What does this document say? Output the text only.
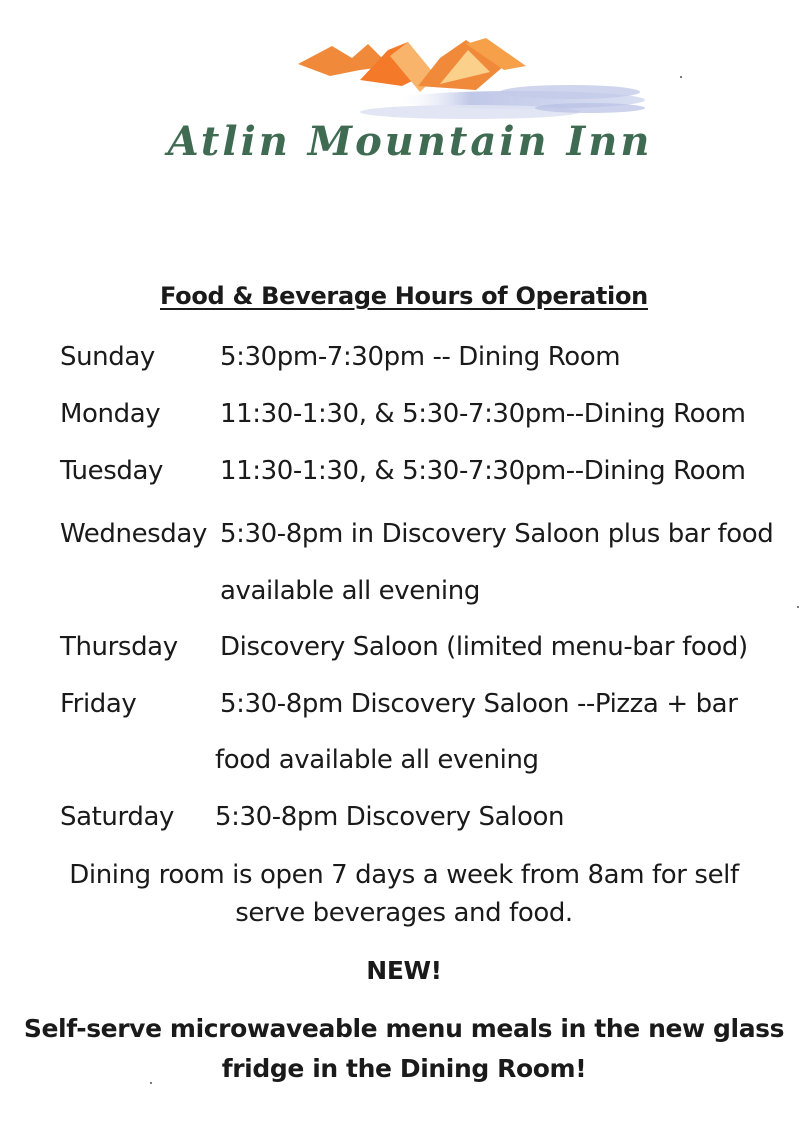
Atlin Mountain Inn
Food & Beverage Hours of Operation
Sunday	5:30pm-7:30pm -- Dining Room
Monday 11:30-1:30, & 5:30-7:30pm--Dining Room
Tuesday 11:30-1:30, & 5:30-7:30pm--Dining Room
Wednesday 5:30-8pm in Discovery Saloon plus bar food
available all evening
Thursday Discovery Saloon (limited menu-bar food)
Friday	5:30-8pm Discovery Saloon --Pizza + bar
food available all evening
Saturday 5:30-8pm Discovery Saloon
Dining room is open 7 days a week from 8am for self
serve beverages and food.
NEW!
Self-serve microwaveable menu meals in the new glass
fridge in the Dining Room!
